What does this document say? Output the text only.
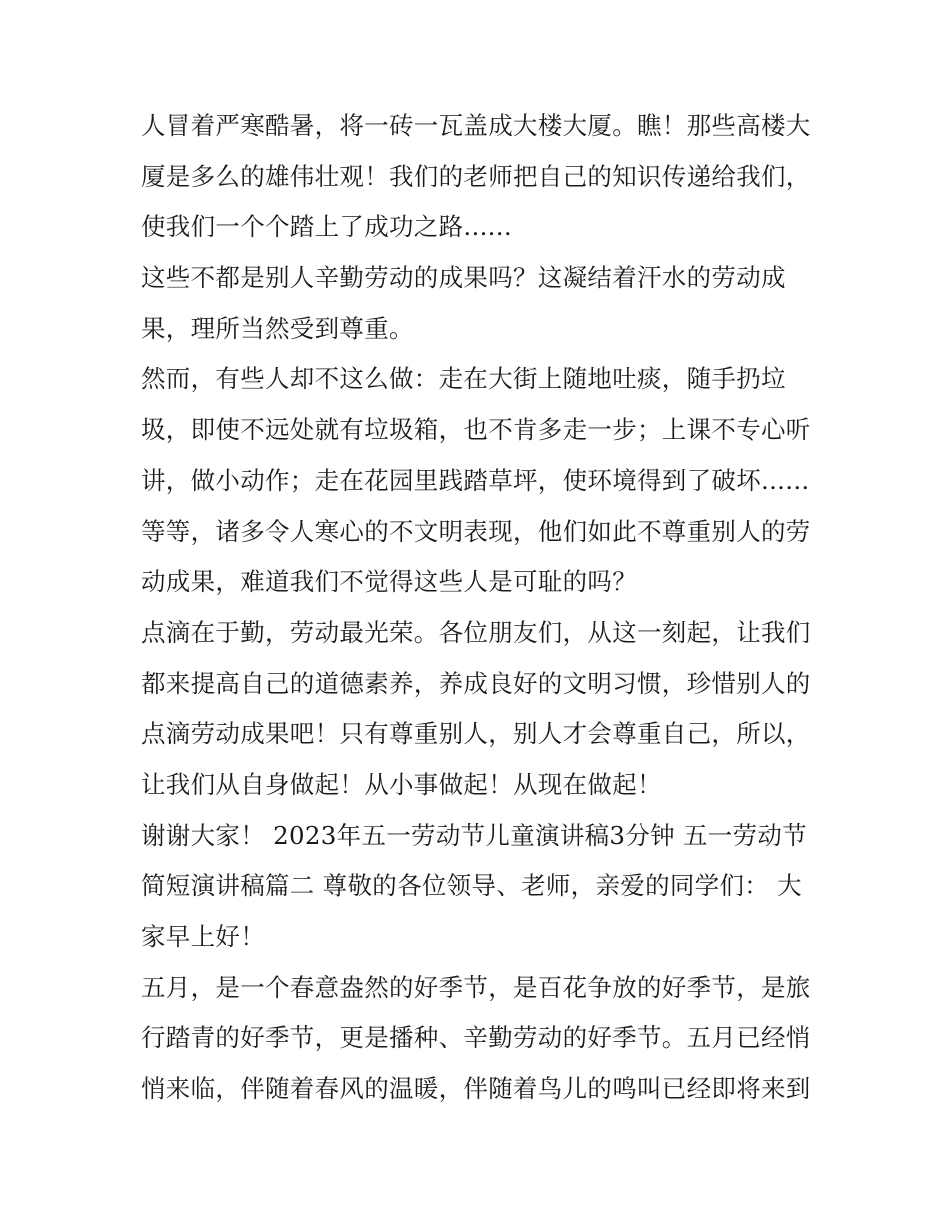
人冒着严寒酷暑，将一砖一瓦盖成大楼大厦。瞧！那些高楼大
厦是多么的雄伟壮观！我们的老师把自己的知识传递给我们，
使我们一个个踏上了成功之路......

这些不都是别人辛勤劳动的成果吗？这凝结着汗水的劳动成
果，理所当然受到尊重。

然而，有些人却不这么做：走在大街上随地吐痰，随手扔垃
圾，即使不远处就有垃圾箱，也不肯多走一步；上课不专心听
讲，做小动作；走在花园里践踏草坪，使环境得到了破坏......
等等，诸多令人寒心的不文明表现，他们如此不尊重别人的劳
动成果，难道我们不觉得这些人是可耻的吗？

点滴在于勤，劳动最光荣。各位朋友们，从这一刻起，让我们
都来提高自己的道德素养，养成良好的文明习惯，珍惜别人的
点滴劳动成果吧！只有尊重别人，别人才会尊重自己，所以，
让我们从自身做起！从小事做起！从现在做起！

谢谢大家！ 2023年五一劳动节儿童演讲稿3分钟 五一劳动节
简短演讲稿篇二 尊敬的各位领导、老师，亲爱的同学们： 大
家早上好！

五月，是一个春意盎然的好季节，是百花争放的好季节，是旅
行踏青的好季节，更是播种、辛勤劳动的好季节。五月已经悄
悄来临，伴随着春风的温暖，伴随着鸟儿的鸣叫已经即将来到
